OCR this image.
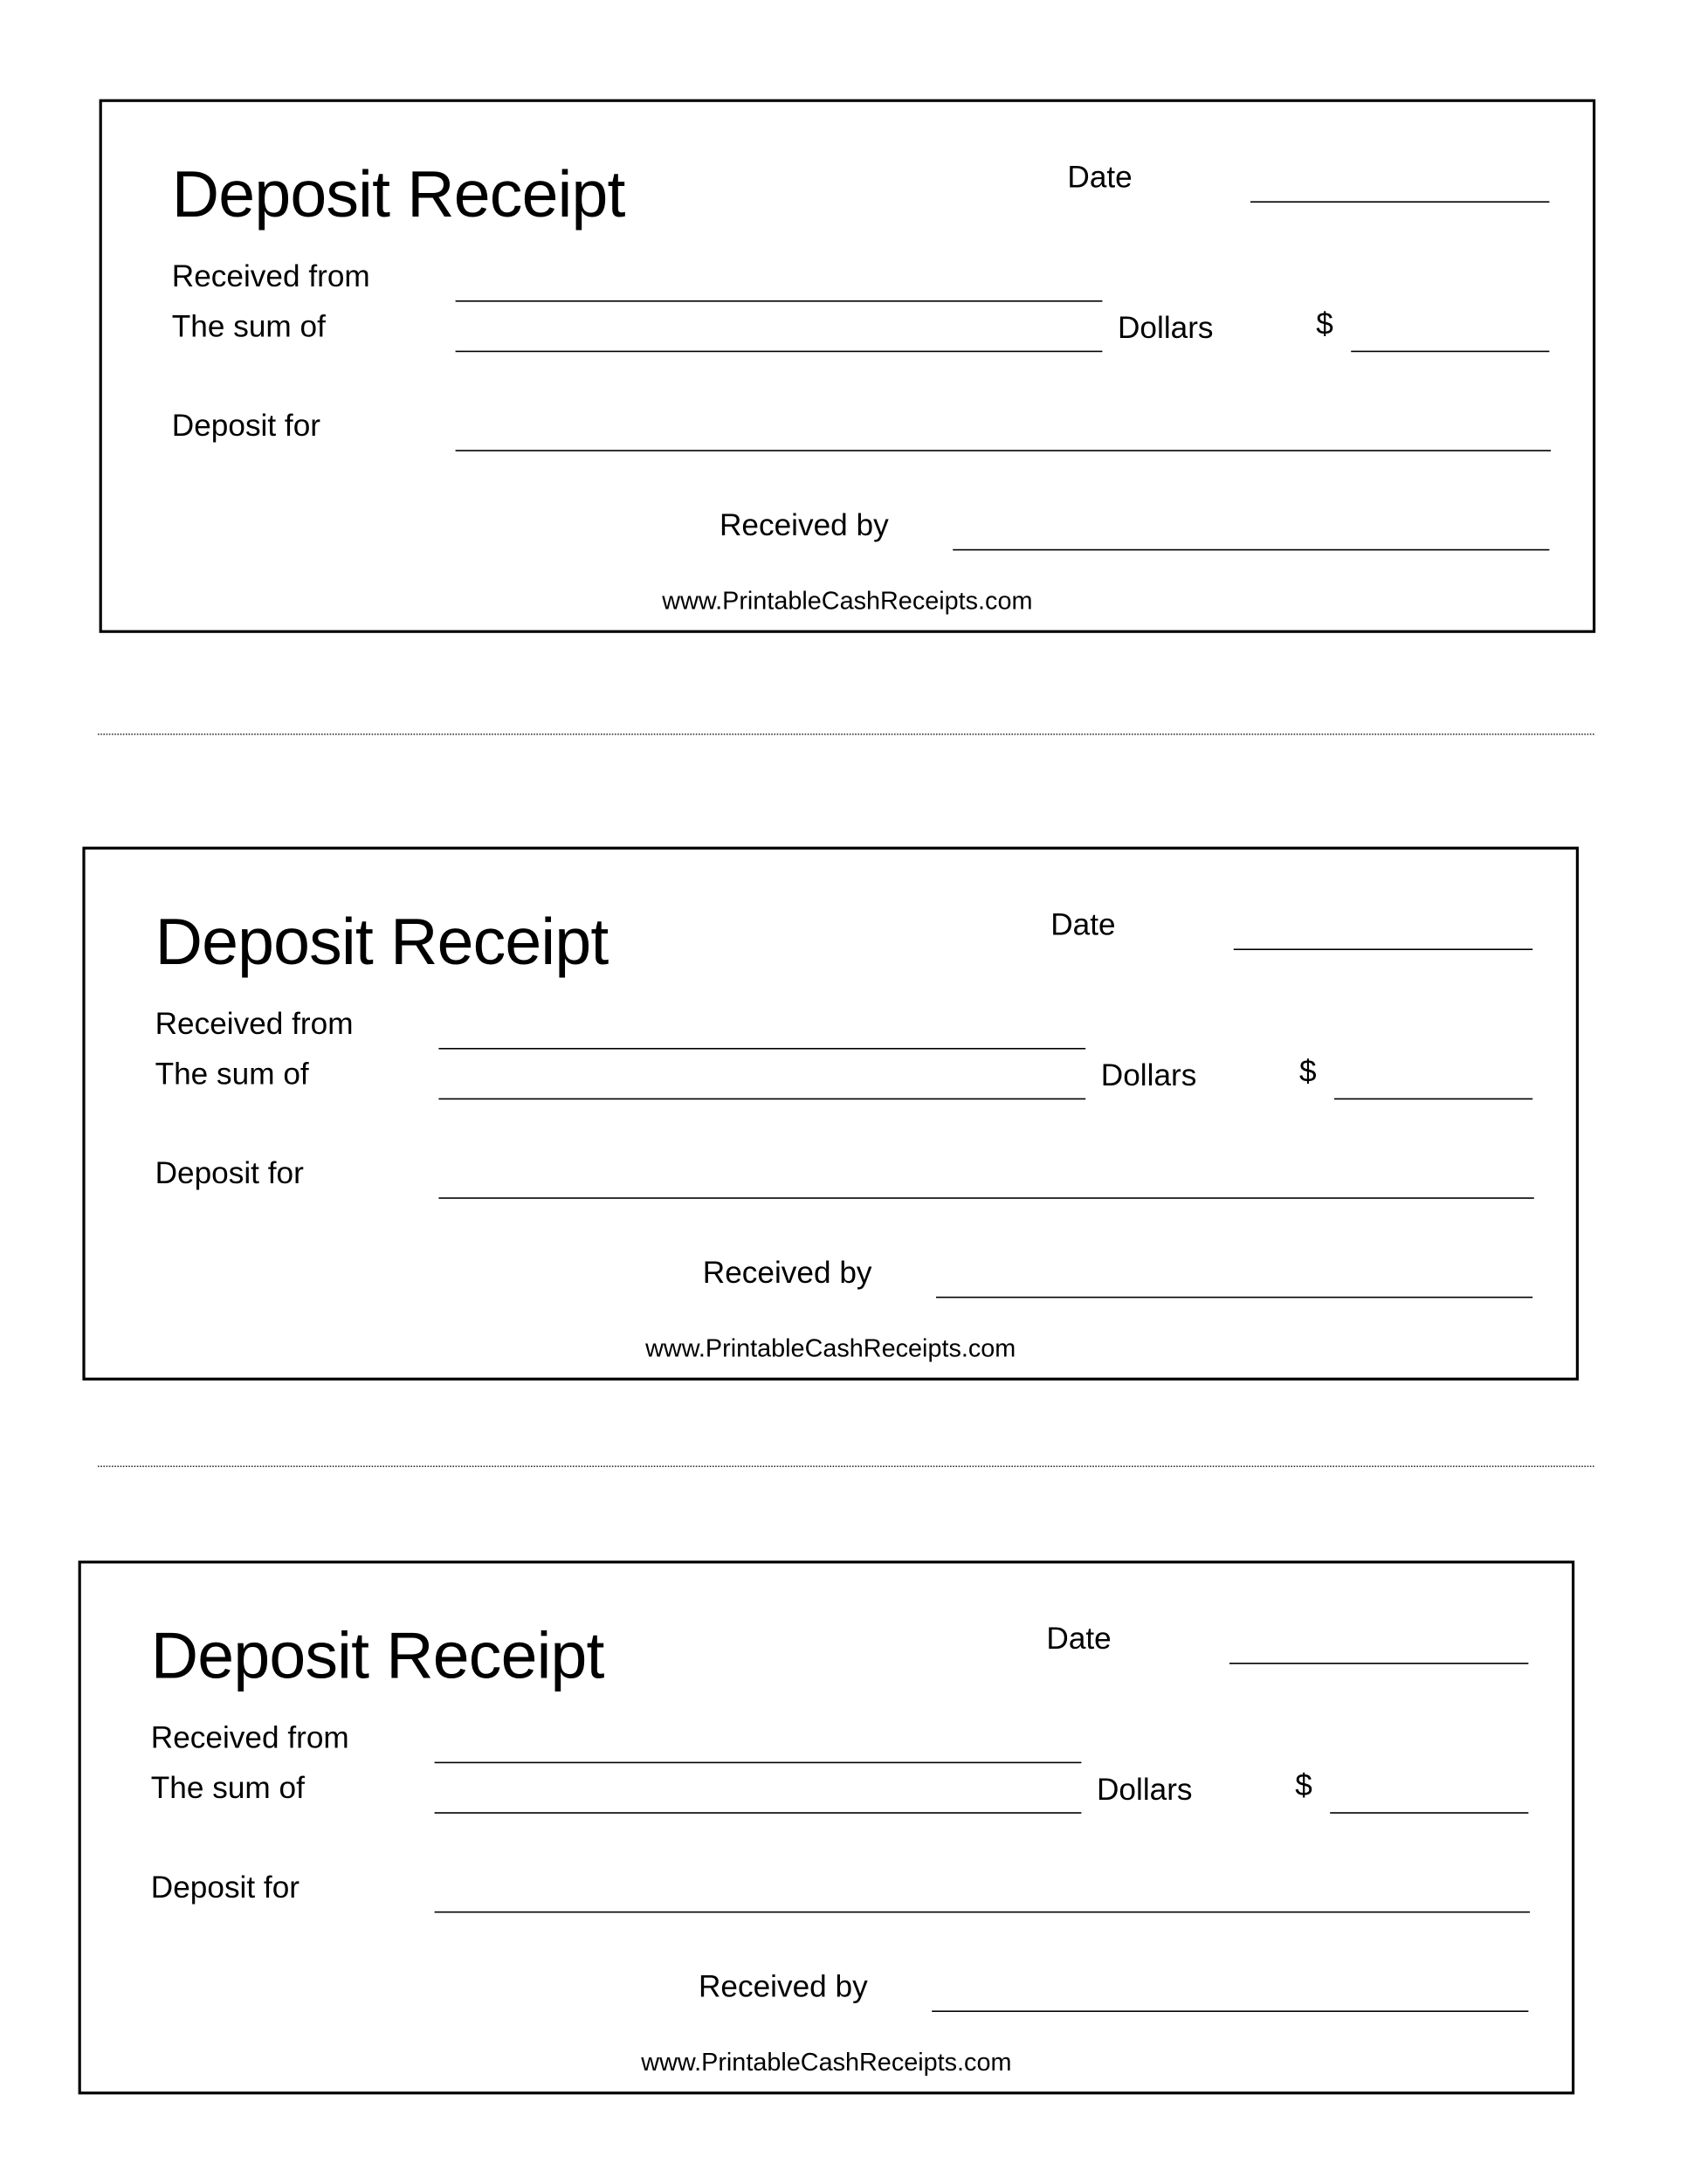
Deposit Receipt	Date
Received from
The sum of	Dollars	$
Deposit for
Received by
www.PrintableCashReceipts.com
Deposit Receipt	Date
Received from
The sum of	Dollars	$
Deposit for
Received by
www.PrintableCashReceipts.com
Deposit Receipt	Date
Received from
The sum of	Dollars	$
Deposit for
Received by
www.PrintableCashReceipts.com
